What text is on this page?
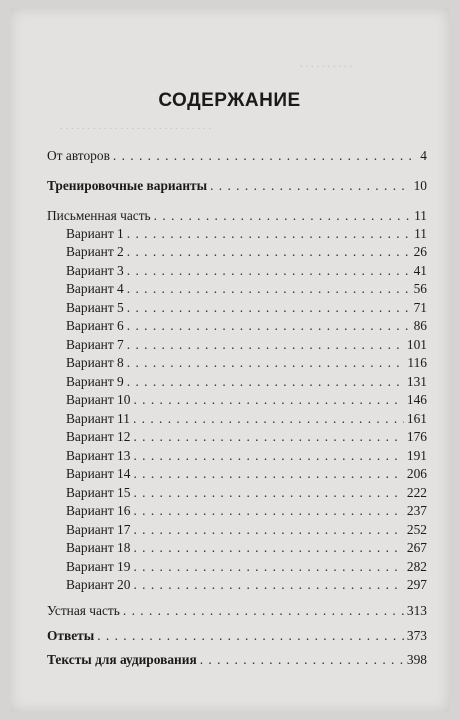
. . . . . . . . . .
. . . . . . . . . . . . . . . . . . . . . . . . . . . .
СОДЕРЖАНИЕ
От авторов . . .	4
Тренировочные варианты . . .	10
Письменная часть . . .	11
Вариант 1 . . .	11
Вариант 2 . . .	26
Вариант 3 . . .	41
Вариант 4 . . .	56
Вариант 5 . . .	71
Вариант 6 . . .	86
Вариант 7 . . .	101
Вариант 8 . . .	116
Вариант 9 . . .	131
Вариант 10 . . .	146
Вариант 11 . . .	161
Вариант 12 . . .	176
Вариант 13 . . .	191
Вариант 14 . . .	206
Вариант 15 . . .	222
Вариант 16 . . .	237
Вариант 17 . . .	252
Вариант 18 . . .	267
Вариант 19 . . .	282
Вариант 20 . . .	297
Устная часть . . .	313
Ответы . . .	373
Тексты для аудирования . . .	398
